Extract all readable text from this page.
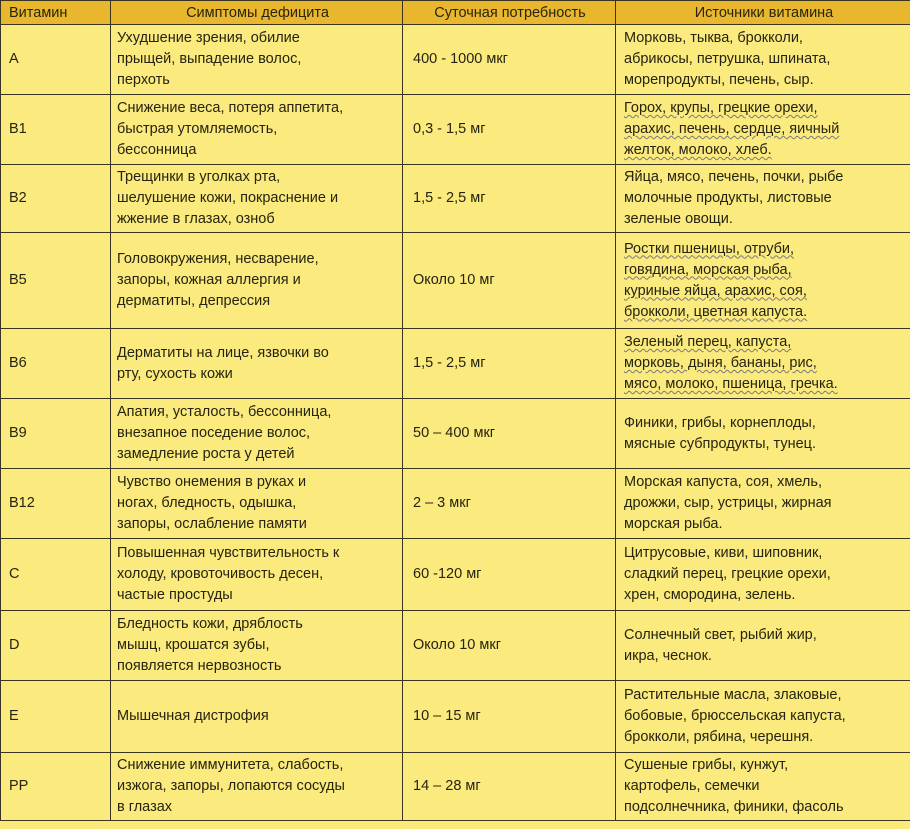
Витамин	Симптомы дефицита	Суточная потребность	Источники витамина
A	Ухудшение зрения, обилие
прыщей, выпадение волос,
перхоть	400 - 1000 мкг	Морковь, тыква, брокколи,
абрикосы, петрушка, шпината,
морепродукты, печень, сыр.

B1	Снижение веса, потеря аппетита,
быстрая утомляемость,
бессонница	0,3 - 1,5 мг	Горох, крупы, грецкие орехи,
арахис, печень, сердце, яичный
желток, молоко, хлеб.

B2	Трещинки в уголках рта,
шелушение кожи, покраснение и
жжение в глазах, озноб	1,5 - 2,5 мг	Яйца, мясо, печень, почки, рыбе
молочные продукты, листовые
зеленые овощи.

B5	Головокружения, несварение,
запоры, кожная аллергия и
дерматиты, депрессия	Около 10 мг	Ростки пшеницы, отруби,
говядина, морская рыба,
куриные яйца, арахис, соя,
брокколи, цветная капуста.

B6	Дерматиты на лице, язвочки во
рту, сухость кожи	1,5 - 2,5 мг	Зеленый перец, капуста,
морковь, дыня, бананы, рис,
мясо, молоко, пшеница, гречка.

B9	Апатия, усталость, бессонница,
внезапное поседение волос,
замедление роста у детей	50 – 400 мкг	Финики, грибы, корнеплоды,
мясные субпродукты, тунец.

B12	Чувство онемения в руках и
ногах, бледность, одышка,
запоры, ослабление памяти	2 – 3 мкг	Морская капуста, соя, хмель,
дрожжи, сыр, устрицы, жирная
морская рыба.

C	Повышенная чувствительность к
холоду, кровоточивость десен,
частые простуды	60 -120 мг	Цитрусовые, киви, шиповник,
сладкий перец, грецкие орехи,
хрен, смородина, зелень.

D	Бледность кожи, дряблость
мышц, крошатся зубы,
появляется нервозность	Около 10 мкг	Солнечный свет, рыбий жир,
икра, чеснок.

E	Мышечная дистрофия	10 – 15 мг	Растительные масла, злаковые,
бобовые, брюссельская капуста,
брокколи, рябина, черешня.

PP	Снижение иммунитета, слабость,
изжога, запоры, лопаются сосуды
в глазах	14 – 28 мг	Сушеные грибы, кунжут,
картофель, семечки
подсолнечника, финики, фасоль
